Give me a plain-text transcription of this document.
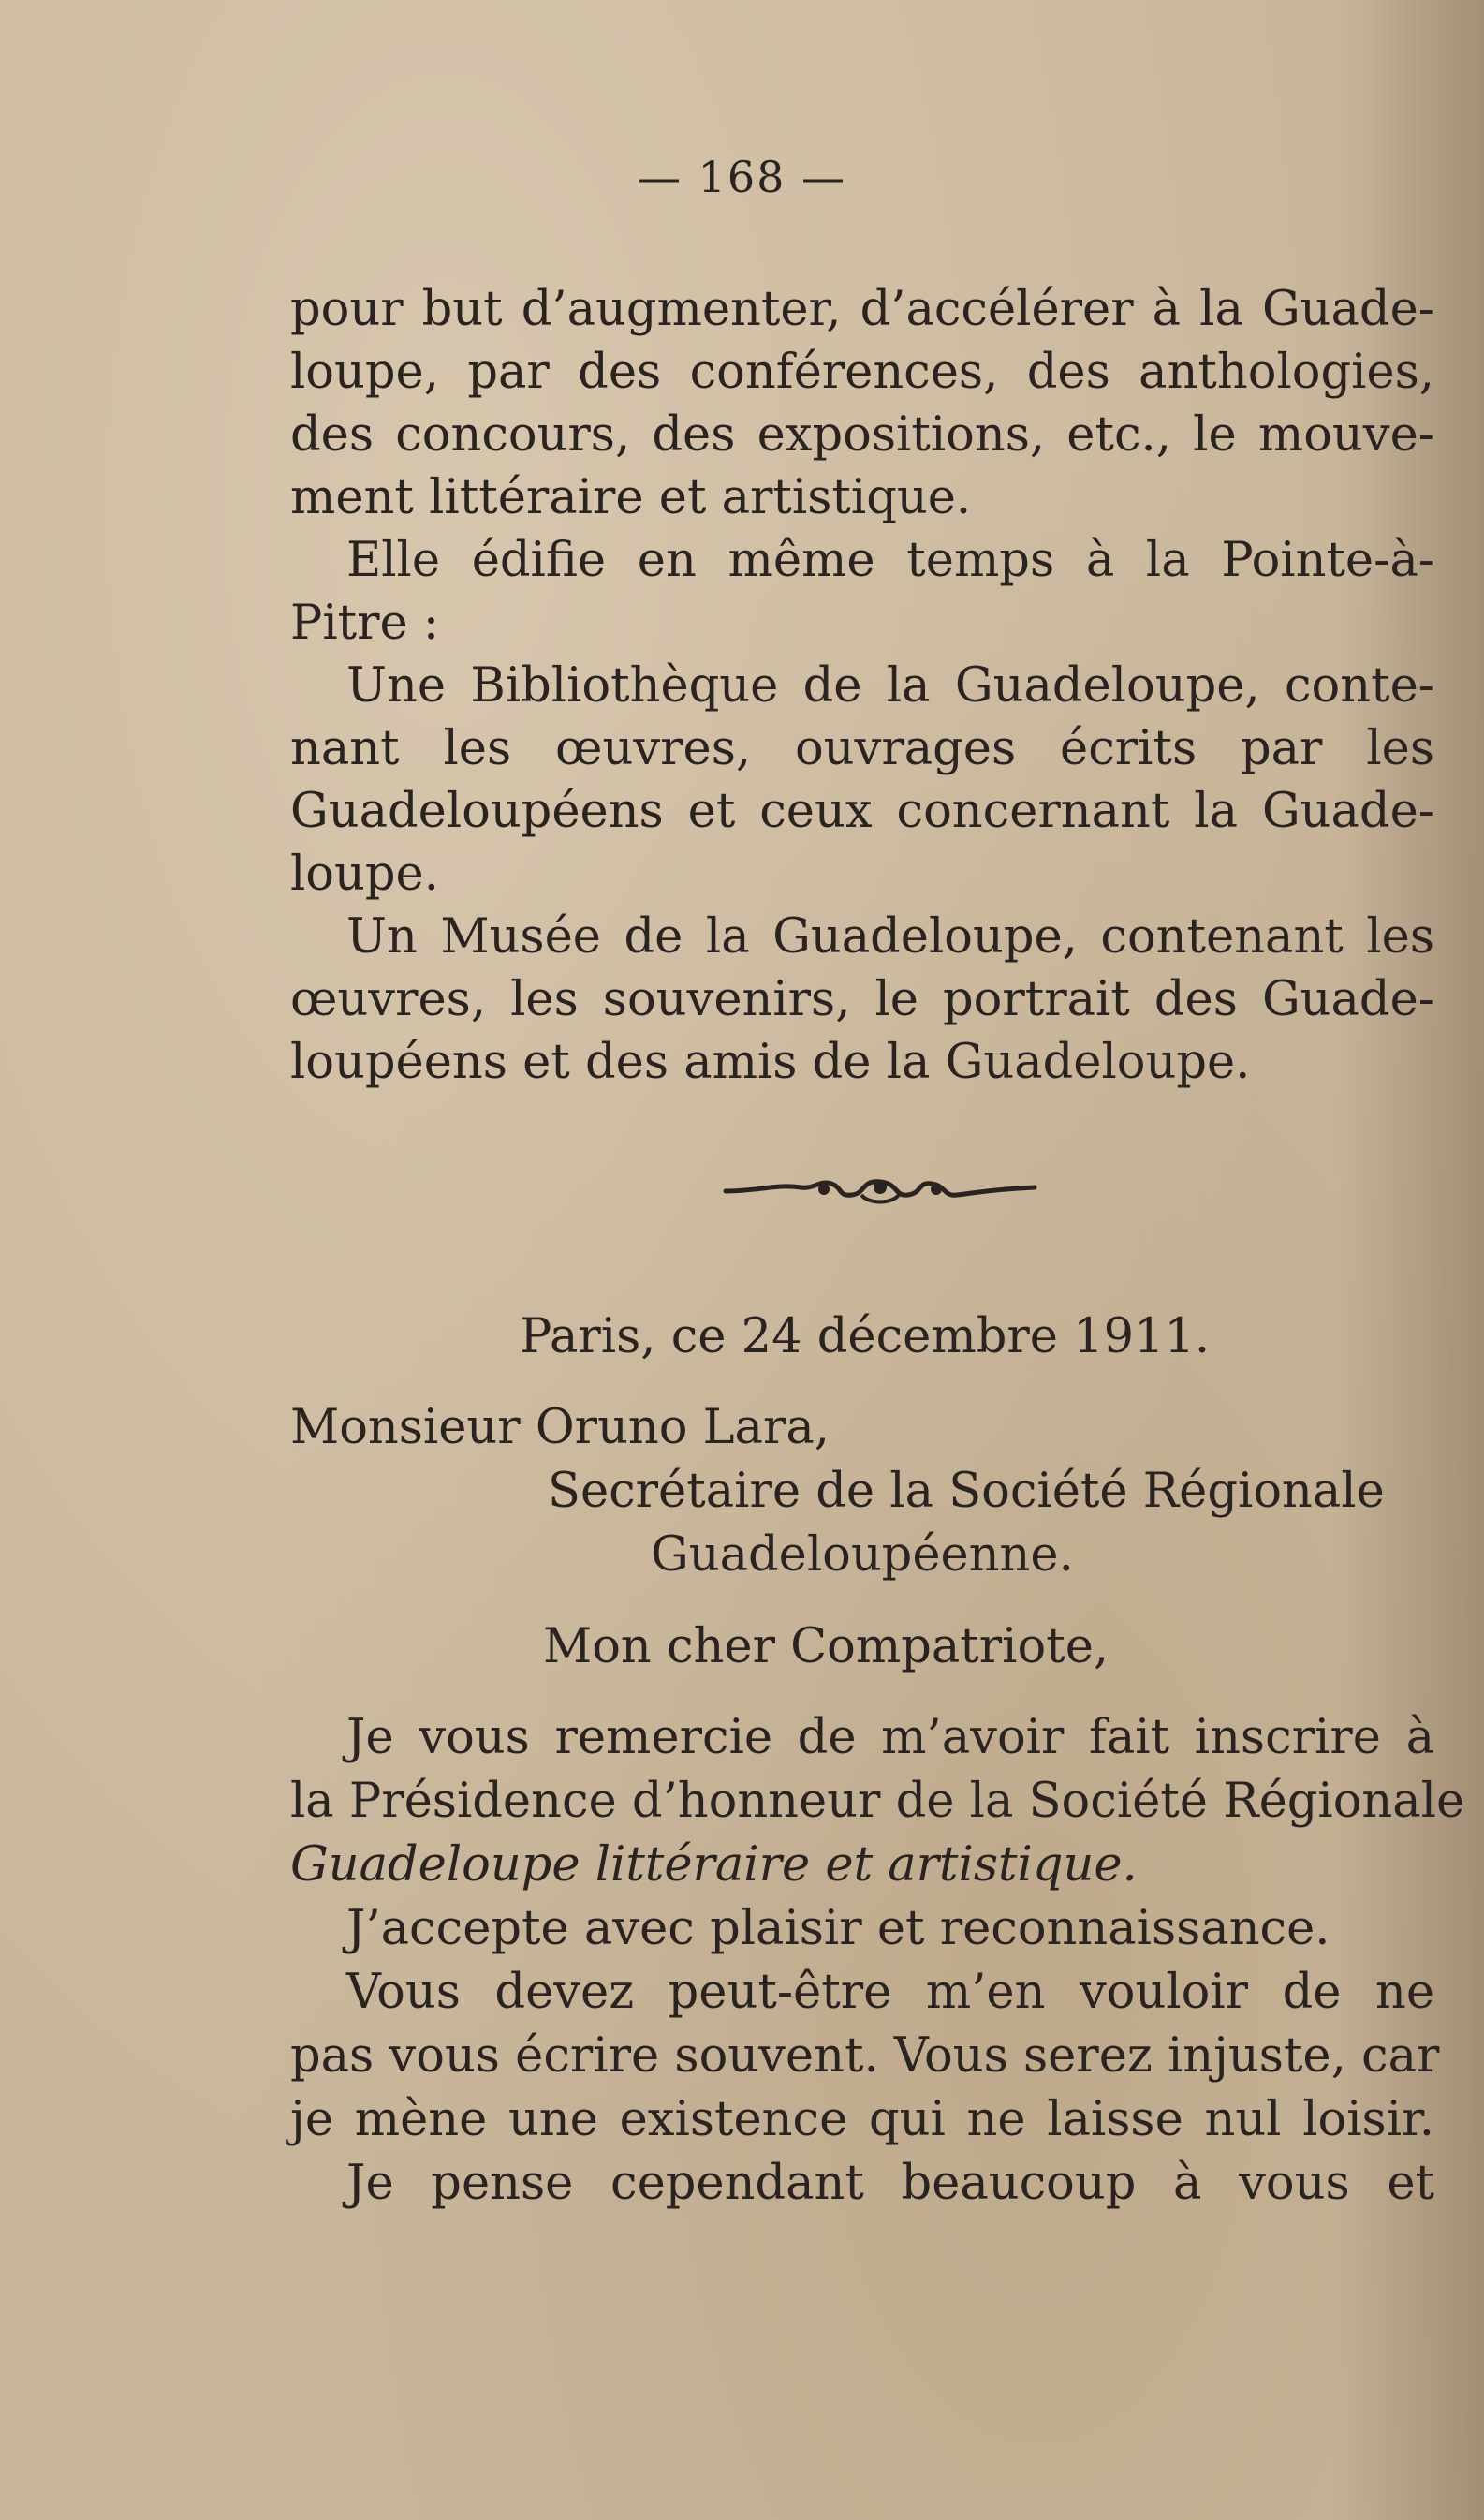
— 168 —
pour but d’augmenter, d’accélérer à la Guade-
loupe, par des conférences, des anthologies,
des concours, des expositions, etc., le mouve-
ment littéraire et artistique.
Elle édifie en même temps à la Pointe-à-
Pitre :
Une Bibliothèque de la Guadeloupe, conte-
nant les œuvres, ouvrages écrits par les
Guadeloupéens et ceux concernant la Guade-
loupe.
Un Musée de la Guadeloupe, contenant les
œuvres, les souvenirs, le portrait des Guade-
loupéens et des amis de la Guadeloupe.
Paris, ce 24 décembre 1911.
Monsieur Oruno Lara,
Secrétaire de la Société Régionale
Guadeloupéenne.
Mon cher Compatriote,
Je vous remercie de m’avoir fait inscrire à
la Présidence d’honneur de la Société Régionale
Guadeloupe littéraire et artistique.
J’accepte avec plaisir et reconnaissance.
Vous devez peut-être m’en vouloir de ne
pas vous écrire souvent. Vous serez injuste, car
je mène une existence qui ne laisse nul loisir.
Je pense cependant beaucoup à vous et
